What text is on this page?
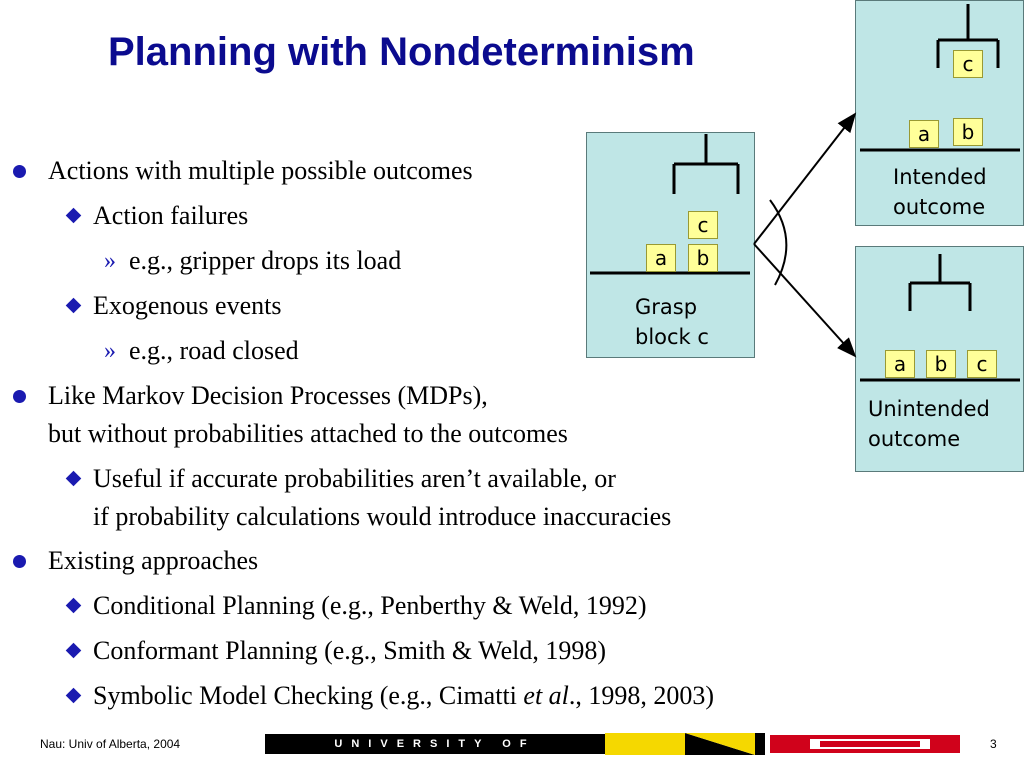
Planning with Nondeterminism
Actions with multiple possible outcomes
Action failures
» e.g., gripper drops its load
Exogenous events
» e.g., road closed
Like Markov Decision Processes (MDPs),
but without probabilities attached to the outcomes
Useful if accurate probabilities aren’t available, or
if probability calculations would introduce inaccuracies
Existing approaches
Conditional Planning (e.g., Penberthy & Weld, 1992)
Conformant Planning (e.g., Smith & Weld, 1998)
Symbolic Model Checking (e.g., Cimatti et al., 1998, 2003)
c
a	b
Grasp
block c
c
a	b
Intended
outcome
a	b	c
Unintended
outcome
Nau: Univ of Alberta, 2004	UNIVERSITY OF MARYLAND
3
